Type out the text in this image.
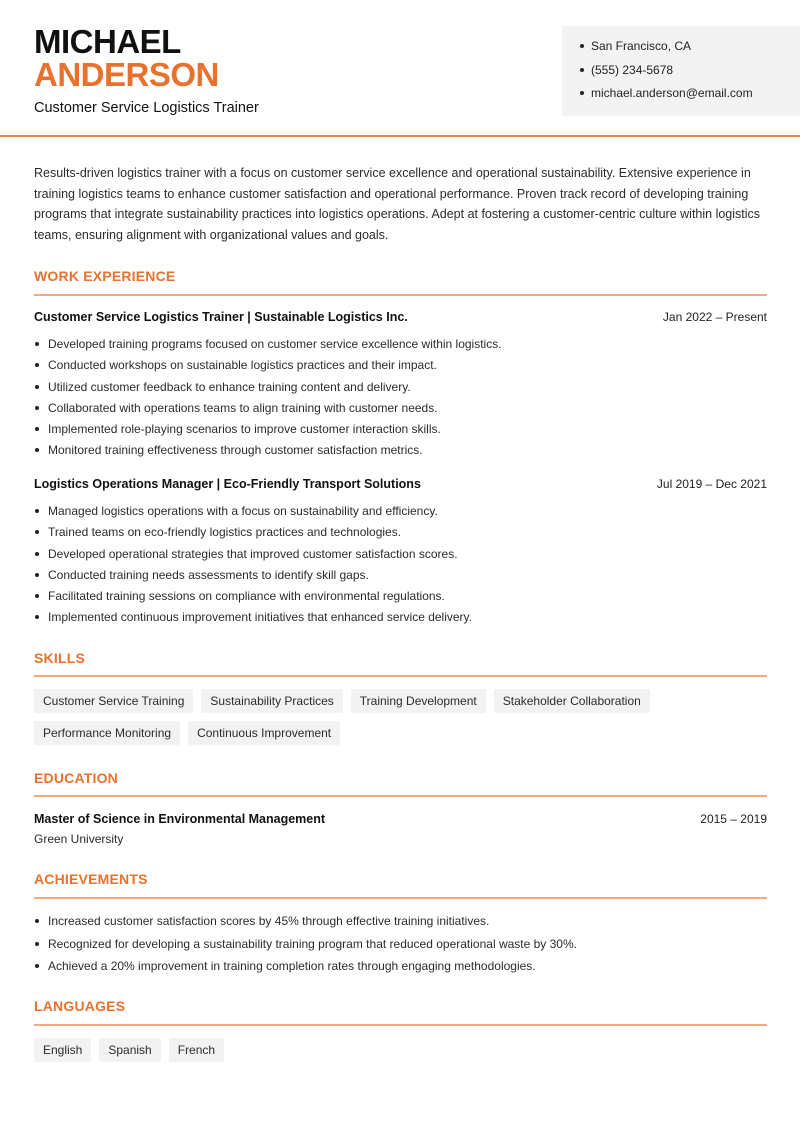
MICHAEL
ANDERSON
Customer Service Logistics Trainer
San Francisco, CA
(555) 234-5678
michael.anderson@email.com

Results-driven logistics trainer with a focus on customer service excellence and operational sustainability. Extensive experience in training logistics teams to enhance customer satisfaction and operational performance. Proven track record of developing training programs that integrate sustainability practices into logistics operations. Adept at fostering a customer-centric culture within logistics teams, ensuring alignment with organizational values and goals.

WORK EXPERIENCE
Customer Service Logistics Trainer | Sustainable Logistics Inc.	Jan 2022 – Present
Developed training programs focused on customer service excellence within logistics.
Conducted workshops on sustainable logistics practices and their impact.
Utilized customer feedback to enhance training content and delivery.
Collaborated with operations teams to align training with customer needs.
Implemented role-playing scenarios to improve customer interaction skills.
Monitored training effectiveness through customer satisfaction metrics.
Logistics Operations Manager | Eco-Friendly Transport Solutions	Jul 2019 – Dec 2021
Managed logistics operations with a focus on sustainability and efficiency.
Trained teams on eco-friendly logistics practices and technologies.
Developed operational strategies that improved customer satisfaction scores.
Conducted training needs assessments to identify skill gaps.
Facilitated training sessions on compliance with environmental regulations.
Implemented continuous improvement initiatives that enhanced service delivery.
SKILLS
Customer Service Training	Sustainability Practices	Training Development	Stakeholder Collaboration
Performance Monitoring	Continuous Improvement
EDUCATION
Master of Science in Environmental Management	2015 – 2019
Green University
ACHIEVEMENTS
Increased customer satisfaction scores by 45% through effective training initiatives.
Recognized for developing a sustainability training program that reduced operational waste by 30%.
Achieved a 20% improvement in training completion rates through engaging methodologies.
LANGUAGES
English	Spanish	French
